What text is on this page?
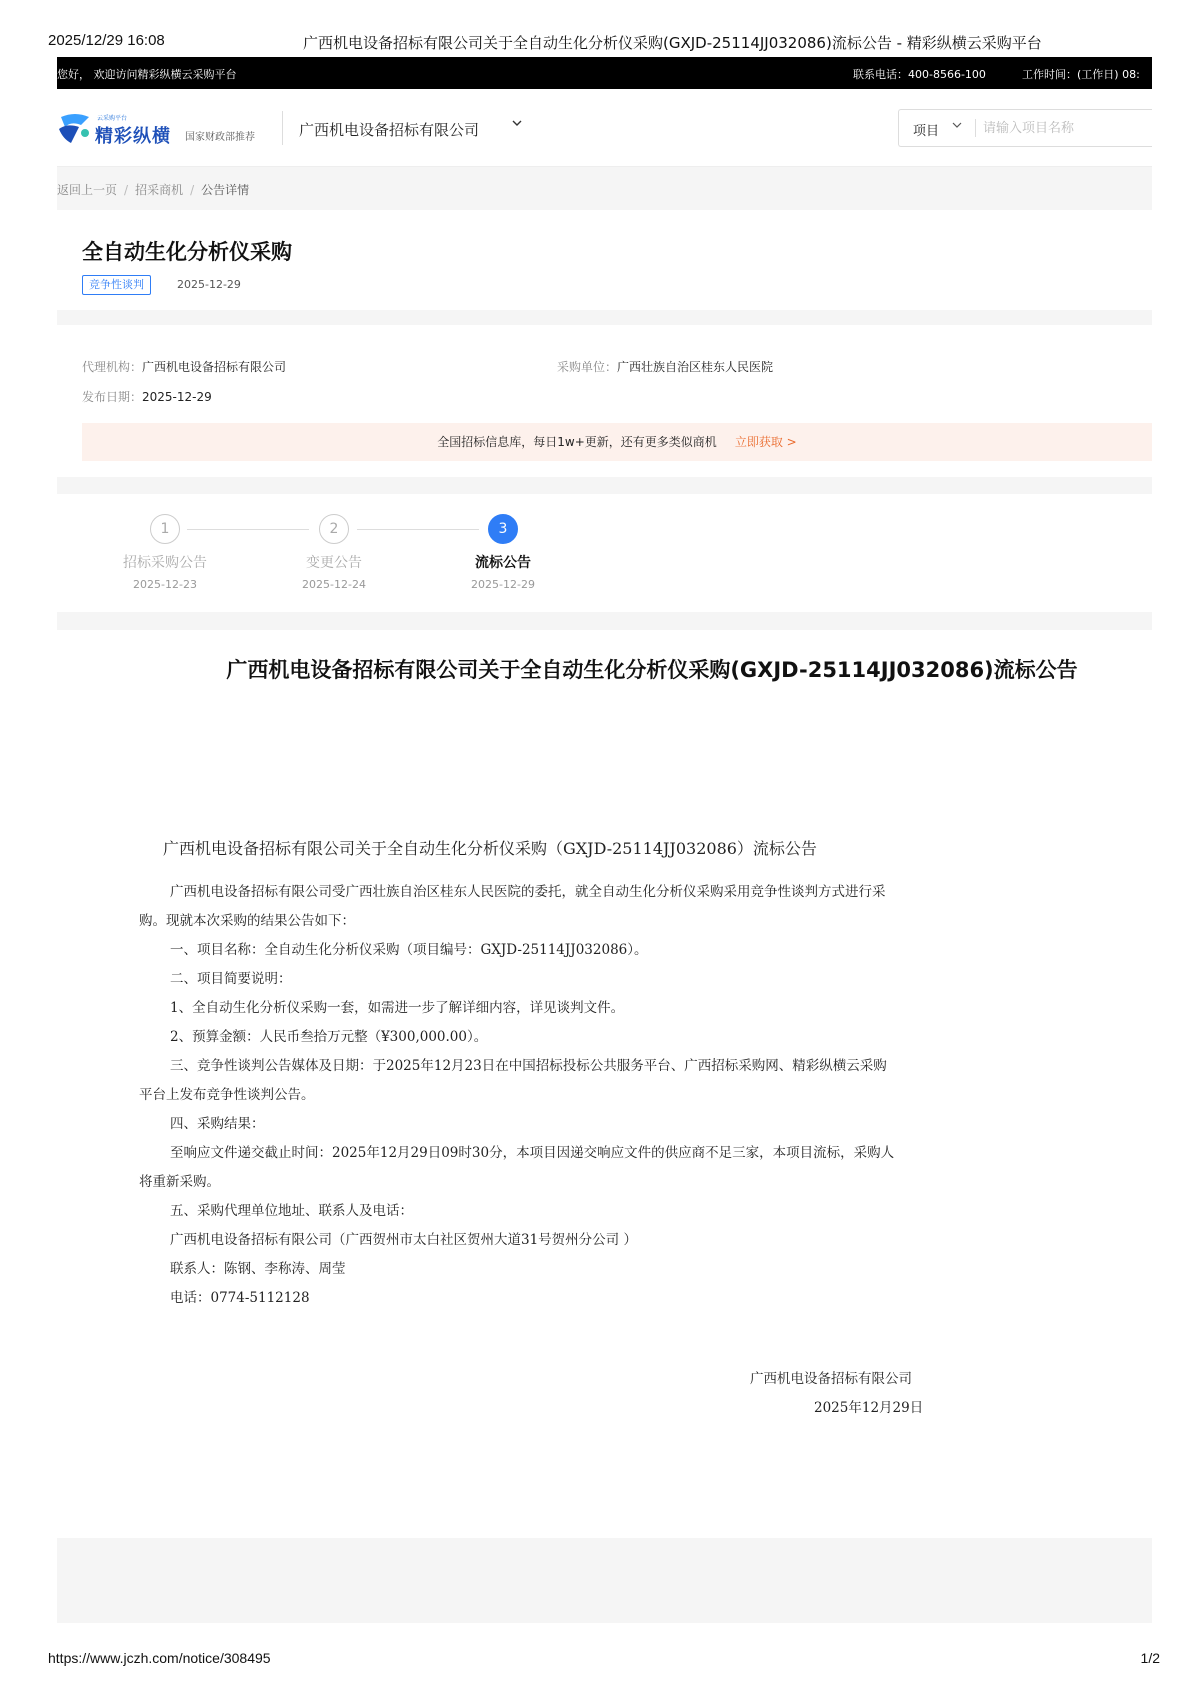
2025/12/29 16:08	广西机电设备招标有限公司关于全自动生化分析仪采购(GXJD-25114JJ032086)流标公告 - 精彩纵横云采购平台
您好， 欢迎访问精彩纵横云采购平台	联系电话：400-8566-100	工作时间：(工作日) 08:
云采购平台
精彩纵横 国家财政部推荐	广西机电设备招标有限公司	项目
请输入项目名称
返回上一页 / 招采商机 / 公告详情
全自动生化分析仪采购
竞争性谈判	2025-12-29
代理机构：广西机电设备招标有限公司	采购单位：广西壮族自治区桂东人民医院
发布日期：2025-12-29
全国招标信息库，每日1w+更新，还有更多类似商机 立即获取 >
1
招标采购公告
2025-12-23
2
变更公告
2025-12-24
3
流标公告
2025-12-29
广西机电设备招标有限公司关于全自动生化分析仪采购(GXJD-25114JJ032086)流标公告
广西机电设备招标有限公司关于全自动生化分析仪采购（GXJD-25114JJ032086）流标公告

广西机电设备招标有限公司受广西壮族自治区桂东人民医院的委托，就全自动生化分析仪采购采用竞争性谈判方式进行采购。现就本次采购的结果公告如下：

一、项目名称：全自动生化分析仪采购（项目编号：GXJD-25114JJ032086）。

二、项目简要说明：

1、全自动生化分析仪采购一套，如需进一步了解详细内容，详见谈判文件。

2、预算金额：人民币叁拾万元整（¥300,000.00）。

三、竞争性谈判公告媒体及日期：于2025年12月23日在中国招标投标公共服务平台、广西招标采购网、精彩纵横云采购平台上发布竞争性谈判公告。

四、采购结果：

至响应文件递交截止时间：2025年12月29日09时30分，本项目因递交响应文件的供应商不足三家，本项目流标，采购人将重新采购。

五、采购代理单位地址、联系人及电话：

广西机电设备招标有限公司（广西贺州市太白社区贺州大道31号贺州分公司 ）

联系人：陈钢、李称涛、周莹

电话：0774-5112128

广西机电设备招标有限公司
2025年12月29日
https://www.jczh.com/notice/308495	1/2
